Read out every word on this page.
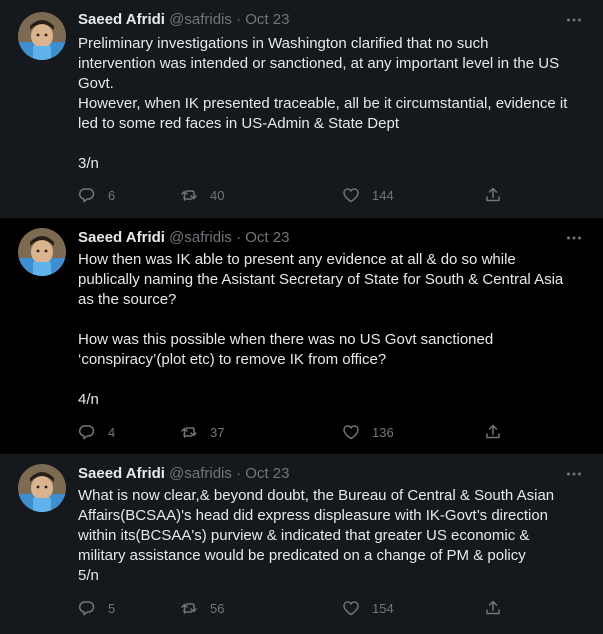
Saeed Afridi @safridis · Oct 23
Preliminary investigations in Washington clarified that no such
intervention was intended or sanctioned, at any important level in the US
Govt.
However, when IK presented traceable, all be it circumstantial, evidence it
led to some red faces in US-Admin & State Dept
3/n
6	40	144
Saeed Afridi @safridis · Oct 23
How then was IK able to present any evidence at all & do so while
publically naming the Asistant Secretary of State for South & Central Asia
as the source?
How was this possible when there was no US Govt sanctioned
‘conspiracy’(plot etc) to remove IK from office?
4/n
4	37	136
Saeed Afridi @safridis · Oct 23
What is now clear,& beyond doubt, the Bureau of Central & South Asian
Affairs(BCSAA)'s head did express displeasure with IK-Govt’s direction
within its(BCSAA's) purview & indicated that greater US economic &
military assistance would be predicated on a change of PM & policy
5/n
5	56	154
